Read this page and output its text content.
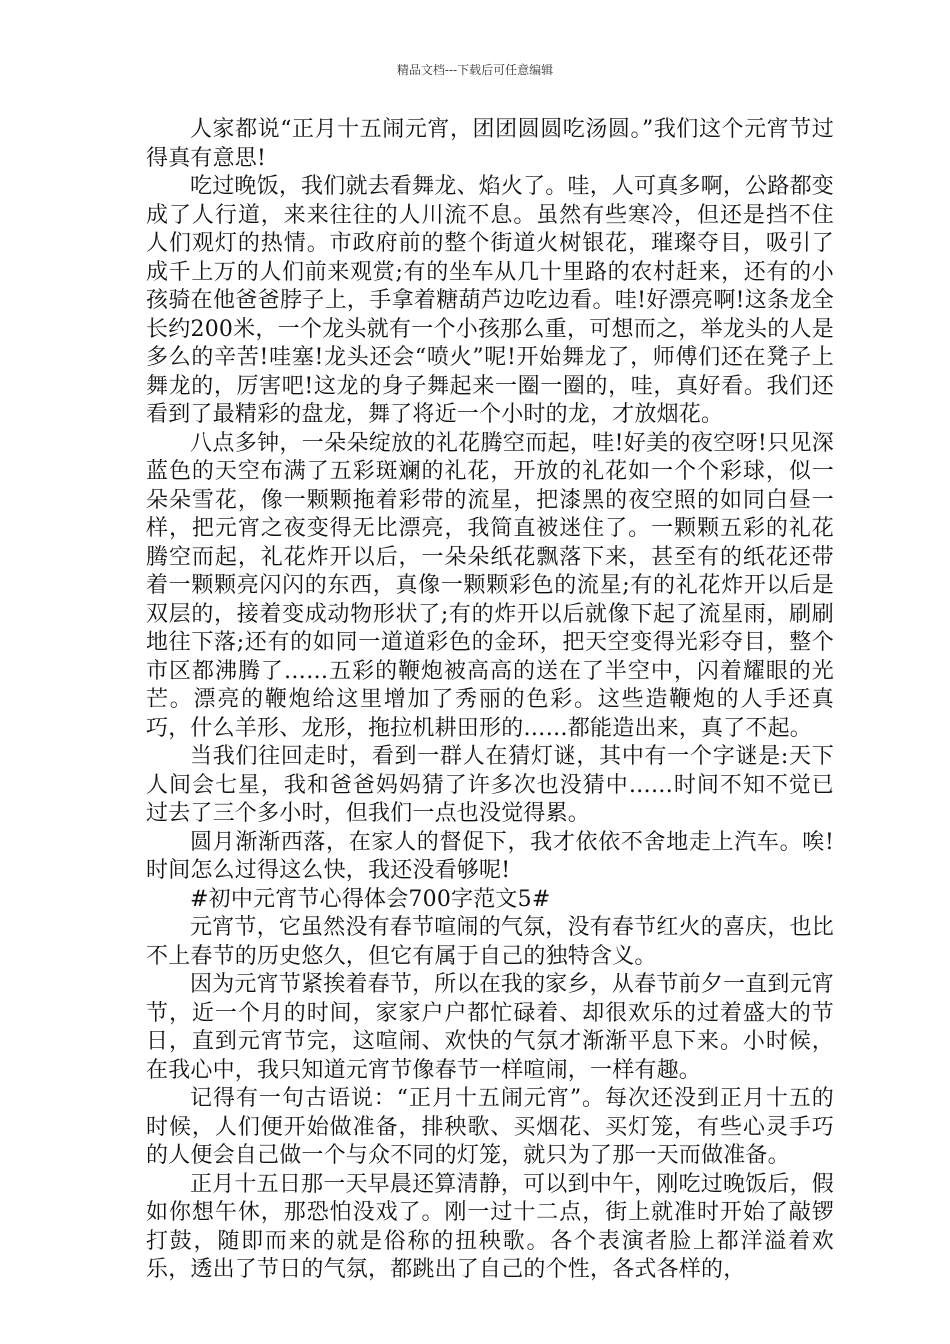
精品文档---下载后可任意编辑

人家都说“正月十五闹元宵，团团圆圆吃汤圆。”我们这个元宵节过得真有意思!

吃过晚饭，我们就去看舞龙、焰火了。哇，人可真多啊，公路都变成了人行道，来来往往的人川流不息。虽然有些寒冷，但还是挡不住人们观灯的热情。市政府前的整个街道火树银花，璀璨夺目，吸引了成千上万的人们前来观赏;有的坐车从几十里路的农村赶来，还有的小孩骑在他爸爸脖子上，手拿着糖葫芦边吃边看。哇!好漂亮啊!这条龙全长约200米，一个龙头就有一个小孩那么重，可想而之，举龙头的人是多么的辛苦!哇塞!龙头还会“喷火”呢!开始舞龙了，师傅们还在凳子上舞龙的，厉害吧!这龙的身子舞起来一圈一圈的，哇，真好看。我们还看到了最精彩的盘龙，舞了将近一个小时的龙，才放烟花。

八点多钟，一朵朵绽放的礼花腾空而起，哇!好美的夜空呀!只见深蓝色的天空布满了五彩斑斓的礼花，开放的礼花如一个个彩球，似一朵朵雪花，像一颗颗拖着彩带的流星，把漆黑的夜空照的如同白昼一样，把元宵之夜变得无比漂亮，我简直被迷住了。一颗颗五彩的礼花腾空而起，礼花炸开以后，一朵朵纸花飘落下来，甚至有的纸花还带着一颗颗亮闪闪的东西，真像一颗颗彩色的流星;有的礼花炸开以后是双层的，接着变成动物形状了;有的炸开以后就像下起了流星雨，刷刷地往下落;还有的如同一道道彩色的金环，把天空变得光彩夺目，整个市区都沸腾了……五彩的鞭炮被高高的送在了半空中，闪着耀眼的光芒。漂亮的鞭炮给这里增加了秀丽的色彩。这些造鞭炮的人手还真巧，什么羊形、龙形，拖拉机耕田形的……都能造出来，真了不起。

当我们往回走时，看到一群人在猜灯谜，其中有一个字谜是:天下人间会七星，我和爸爸妈妈猜了许多次也没猜中……时间不知不觉已过去了三个多小时，但我们一点也没觉得累。

圆月渐渐西落，在家人的督促下，我才依依不舍地走上汽车。唉!时间怎么过得这么快，我还没看够呢!

#初中元宵节心得体会700字范文5#

元宵节，它虽然没有春节喧闹的气氛，没有春节红火的喜庆，也比不上春节的历史悠久，但它有属于自己的独特含义。

因为元宵节紧挨着春节，所以在我的家乡，从春节前夕一直到元宵节，近一个月的时间，家家户户都忙碌着、却很欢乐的过着盛大的节日，直到元宵节完，这喧闹、欢快的气氛才渐渐平息下来。小时候，在我心中，我只知道元宵节像春节一样喧闹，一样有趣。

记得有一句古语说：“正月十五闹元宵”。每次还没到正月十五的时候，人们便开始做准备，排秧歌、买烟花、买灯笼，有些心灵手巧的人便会自己做一个与众不同的灯笼，就只为了那一天而做准备。

正月十五日那一天早晨还算清静，可以到中午，刚吃过晚饭后，假如你想午休，那恐怕没戏了。刚一过十二点，街上就准时开始了敲锣打鼓，随即而来的就是俗称的扭秧歌。各个表演者脸上都洋溢着欢乐，透出了节日的气氛，都跳出了自己的个性，各式各样的，
